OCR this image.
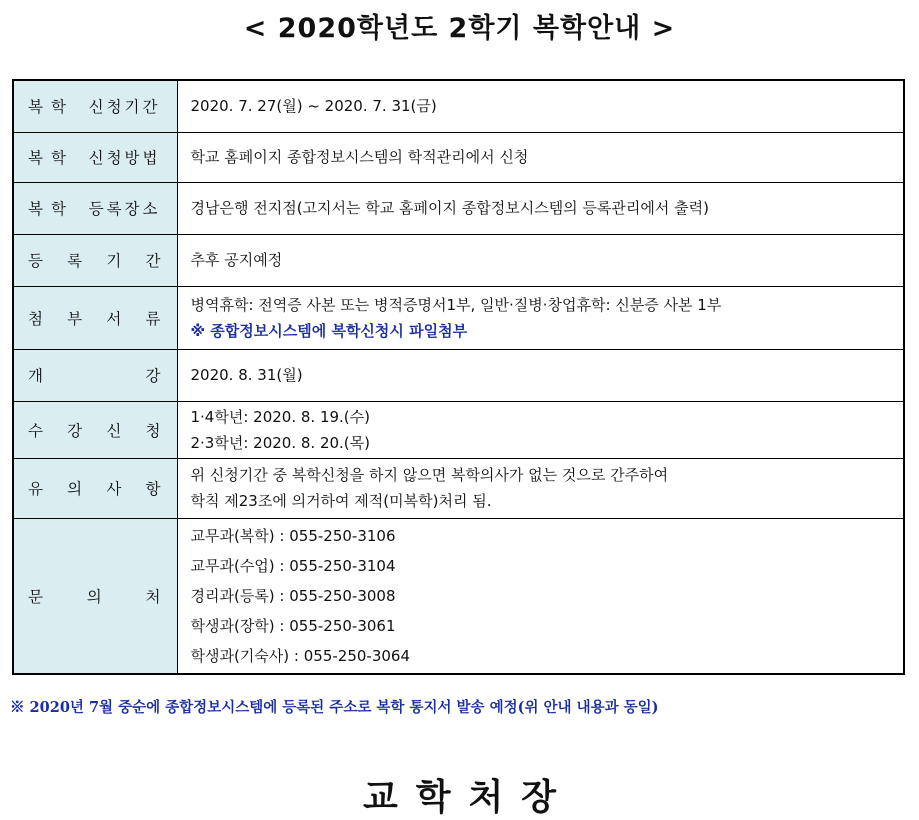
< 2020학년도 2학기 복학안내 >
복학 신청기간	2020. 7. 27(월) ~ 2020. 7. 31(금)

복학 신청방법	학교 홈페이지 종합정보시스템의 학적관리에서 신청

복학 등록장소	경남은행 전지점(고지서는 학교 홈페이지 종합정보시스템의 등록관리에서 출력)

등 록 기 간	추후 공지예정

첨 부 서 류	병역휴학: 전역증 사본 또는 병적증명서1부, 일반·질병·창업휴학: 신분증 사본 1부
※ 종합정보시스템에 복학신청시 파일첨부

개 강	2020. 8. 31(월)

수 강 신 청	1·4학년: 2020. 8. 19.(수)
2·3학년: 2020. 8. 20.(목)

유 의 사 항	위 신청기간 중 복학신청을 하지 않으면 복학의사가 없는 것으로 간주하여
학칙 제23조에 의거하여 제적(미복학)처리 됨.

문 의 처	교무과(복학) : 055-250-3106
교무과(수업) : 055-250-3104
경리과(등록) : 055-250-3008
학생과(장학) : 055-250-3061
학생과(기숙사) : 055-250-3064
※ 2020년 7월 중순에 종합정보시스템에 등록된 주소로 복학 통지서 발송 예정(위 안내 내용과 동일)
교학처장
